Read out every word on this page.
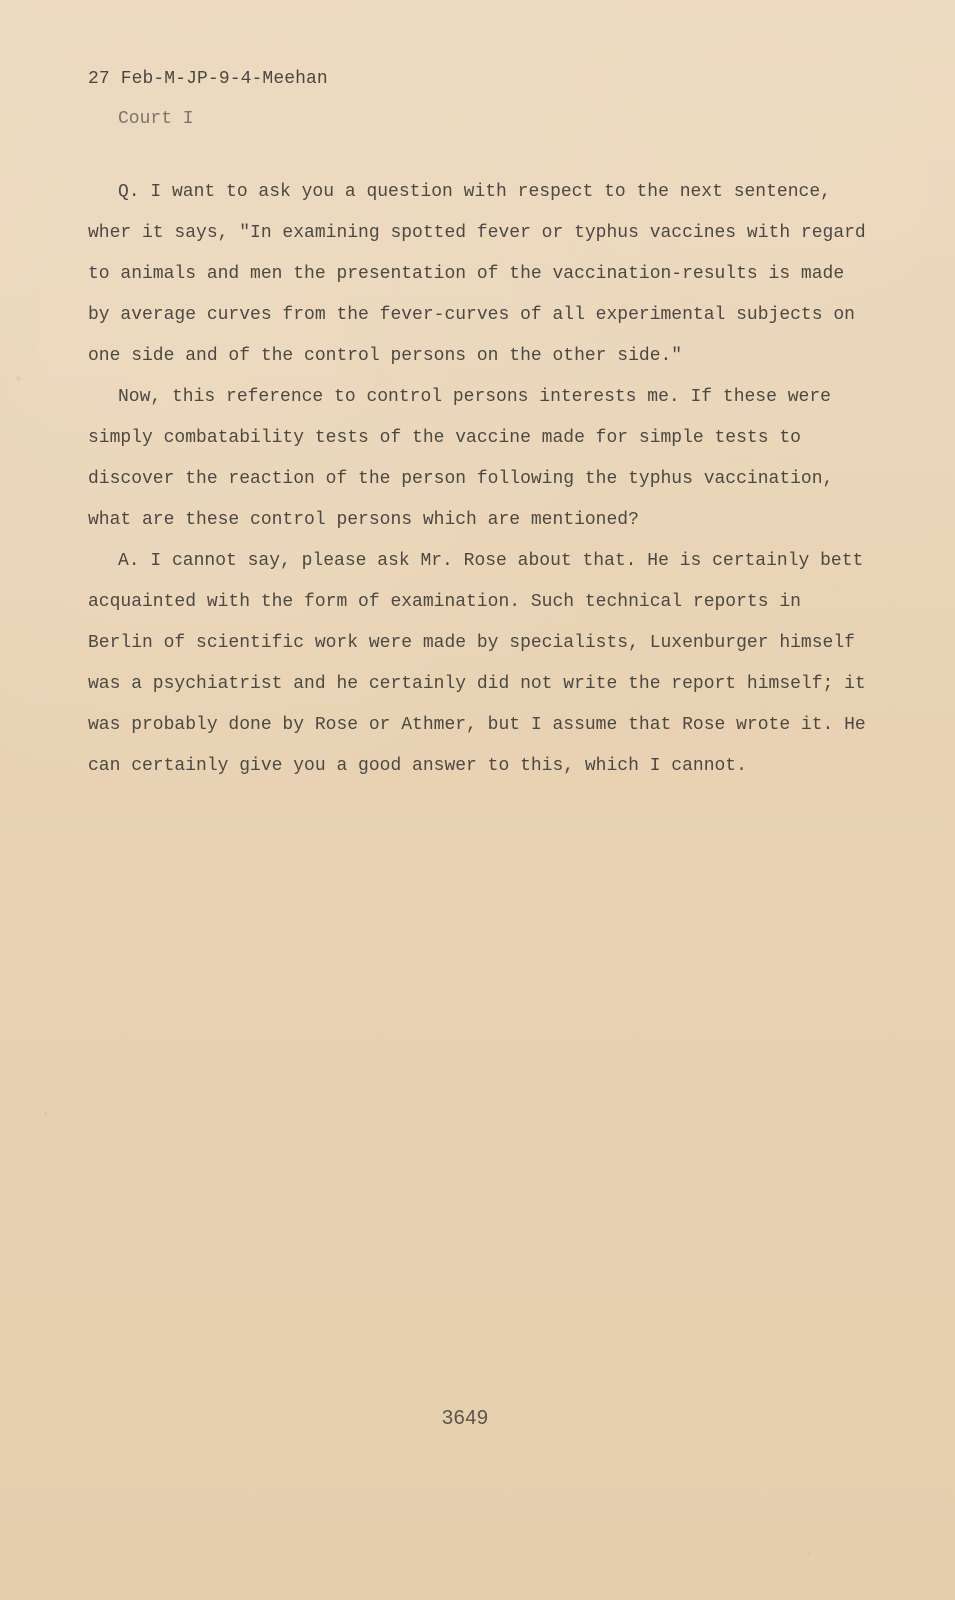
27 Feb-M-JP-9-4-Meehan
Court I

Q. I want to ask you a question with respect to the next sentence, wher it says, "In examining spotted fever or typhus vaccines with regard to animals and men the presentation of the vaccination-results is made by average curves from the fever-curves of all experimental subjects on one side and of the control persons on the other side."

Now, this reference to control persons interests me. If these were simply combatability tests of the vaccine made for simple tests to discover the reaction of the person following the typhus vaccination, what are these control persons which are mentioned?

A. I cannot say, please ask Mr. Rose about that. He is certainly bett acquainted with the form of examination. Such technical reports in Berlin of scientific work were made by specialists, Luxenburger himself was a psychiatrist and he certainly did not write the report himself; it was probably done by Rose or Athmer, but I assume that Rose wrote it. He can certainly give you a good answer to this, which I cannot.

3649
